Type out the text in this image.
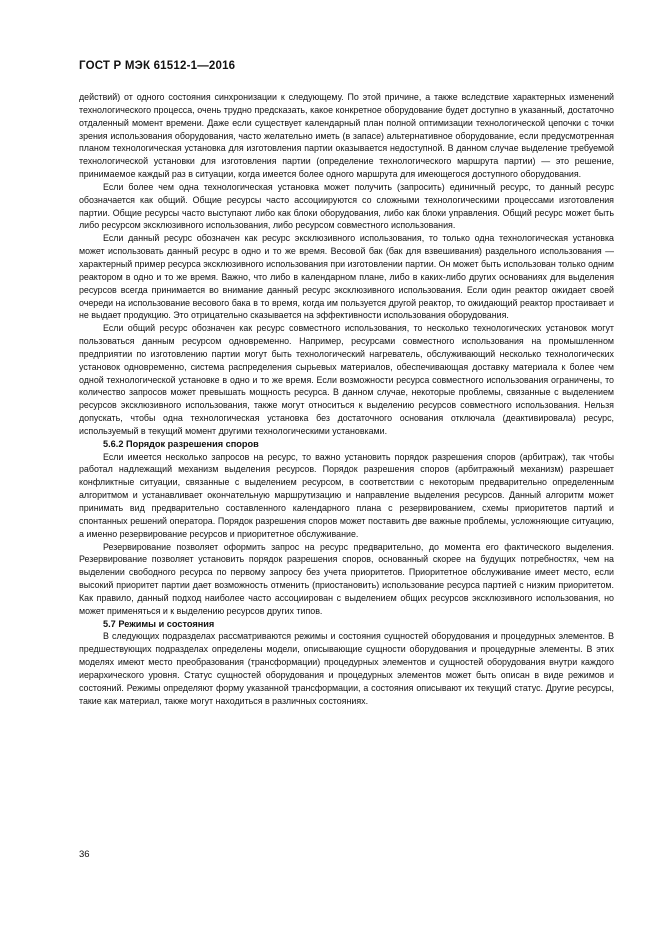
ГОСТ Р МЭК 61512-1—2016

действий) от одного состояния синхронизации к следующему. По этой причине, а также вследствие характерных изменений технологического процесса, очень трудно предсказать, какое конкретное оборудование будет доступно в указанный, достаточно отдаленный момент времени. Даже если существует календарный план полной оптимизации технологической цепочки с точки зрения использования оборудования, часто желательно иметь (в запасе) альтернативное оборудование, если предусмотренная планом технологическая установка для изготовления партии оказывается недоступной. В данном случае выделение требуемой технологической установки для изготовления партии (определение технологического маршрута партии) — это решение, принимаемое каждый раз в ситуации, когда имеется более одного маршрута для имеющегося доступного оборудования.

Если более чем одна технологическая установка может получить (запросить) единичный ресурс, то данный ресурс обозначается как общий. Общие ресурсы часто ассоциируются со сложными технологическими процессами изготовления партии. Общие ресурсы часто выступают либо как блоки оборудования, либо как блоки управления. Общий ресурс может быть либо ресурсом эксклюзивного использования, либо ресурсом совместного использования.

Если данный ресурс обозначен как ресурс эксклюзивного использования, то только одна технологическая установка может использовать данный ресурс в одно и то же время. Весовой бак (бак для взвешивания) раздельного использования — характерный пример ресурса эксклюзивного использования при изготовлении партии. Он может быть использован только одним реактором в одно и то же время. Важно, что либо в календарном плане, либо в каких-либо других основаниях для выделения ресурсов всегда принимается во внимание данный ресурс эксклюзивного использования. Если один реактор ожидает своей очереди на использование весового бака в то время, когда им пользуется другой реактор, то ожидающий реактор простаивает и не выдает продукцию. Это отрицательно сказывается на эффективности использования оборудования.

Если общий ресурс обозначен как ресурс совместного использования, то несколько технологических установок могут пользоваться данным ресурсом одновременно. Например, ресурсами совместного использования на промышленном предприятии по изготовлению партии могут быть технологический нагреватель, обслуживающий несколько технологических установок одновременно, система распределения сырьевых материалов, обеспечивающая доставку материала к более чем одной технологической установке в одно и то же время. Если возможности ресурса совместного использования ограничены, то количество запросов может превышать мощность ресурса. В данном случае, некоторые проблемы, связанные с выделением ресурсов эксклюзивного использования, также могут относиться к выделению ресурсов совместного использования. Нельзя допускать, чтобы одна технологическая установка без достаточного основания отключала (деактивировала) ресурс, используемый в текущий момент другими технологическими установками.

5.6.2 Порядок разрешения споров

Если имеется несколько запросов на ресурс, то важно установить порядок разрешения споров (арбитраж), так чтобы работал надлежащий механизм выделения ресурсов. Порядок разрешения споров (арбитражный механизм) разрешает конфликтные ситуации, связанные с выделением ресурсом, в соответствии с некоторым предварительно определенным алгоритмом и устанавливает окончательную маршрутизацию и направление выделения ресурсов. Данный алгоритм может принимать вид предварительно составленного календарного плана с резервированием, схемы приоритетов партий и спонтанных решений оператора. Порядок разрешения споров может поставить две важные проблемы, усложняющие ситуацию, а именно резервирование ресурсов и приоритетное обслуживание.

Резервирование позволяет оформить запрос на ресурс предварительно, до момента его фактического выделения. Резервирование позволяет установить порядок разрешения споров, основанный скорее на будущих потребностях, чем на выделении свободного ресурса по первому запросу без учета приоритетов. Приоритетное обслуживание имеет место, если высокий приоритет партии дает возможность отменить (приостановить) использование ресурса партией с низким приоритетом. Как правило, данный подход наиболее часто ассоциирован с выделением общих ресурсов эксклюзивного использования, но может применяться и к выделению ресурсов других типов.

5.7 Режимы и состояния

В следующих подразделах рассматриваются режимы и состояния сущностей оборудования и процедурных элементов. В предшествующих подразделах определены модели, описывающие сущности оборудования и процедурные элементы. В этих моделях имеют место преобразования (трансформации) процедурных элементов и сущностей оборудования внутри каждого иерархического уровня. Статус сущностей оборудования и процедурных элементов может быть описан в виде режимов и состояний. Режимы определяют форму указанной трансформации, а состояния описывают их текущий статус. Другие ресурсы, такие как материал, также могут находиться в различных состояниях.

36
